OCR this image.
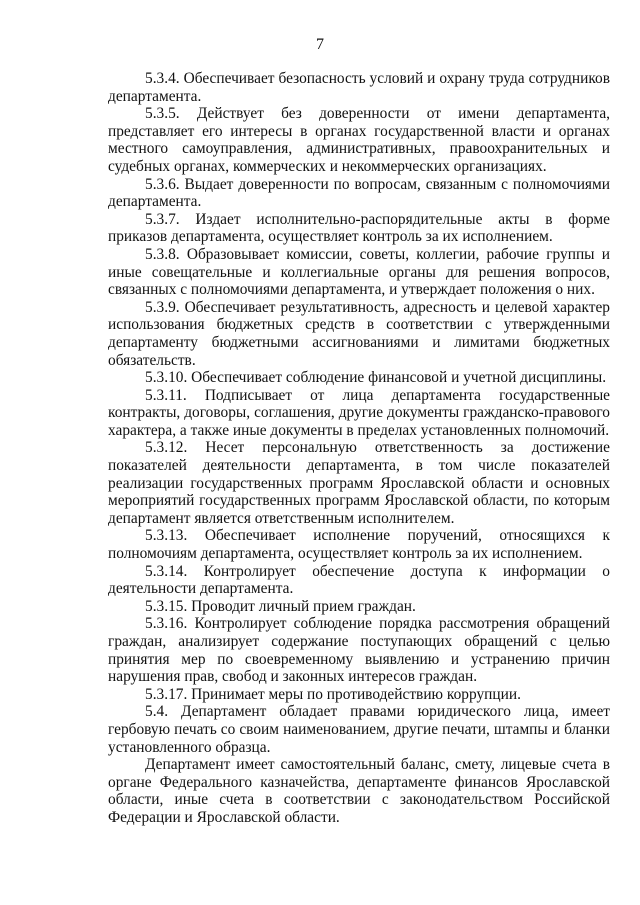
7

5.3.4. Обеспечивает безопасность условий и охрану труда сотрудников департамента.

5.3.5. Действует без доверенности от имени департамента, представляет его интересы в органах государственной власти и органах местного самоуправления, административных, правоохранительных и судебных органах, коммерческих и некоммерческих организациях.

5.3.6. Выдает доверенности по вопросам, связанным с полномочиями департамента.

5.3.7. Издает исполнительно-распорядительные акты в форме приказов департамента, осуществляет контроль за их исполнением.

5.3.8. Образовывает комиссии, советы, коллегии, рабочие группы и иные совещательные и коллегиальные органы для решения вопросов, связанных с полномочиями департамента, и утверждает положения о них.

5.3.9. Обеспечивает результативность, адресность и целевой характер использования бюджетных средств в соответствии с утвержденными департаменту бюджетными ассигнованиями и лимитами бюджетных обязательств.

5.3.10. Обеспечивает соблюдение финансовой и учетной дисциплины.

5.3.11. Подписывает от лица департамента государственные контракты, договоры, соглашения, другие документы гражданско-правового характера, а также иные документы в пределах установленных полномочий.

5.3.12. Несет персональную ответственность за достижение показателей деятельности департамента, в том числе показателей реализации государственных программ Ярославской области и основных мероприятий государственных программ Ярославской области, по которым департамент является ответственным исполнителем.

5.3.13. Обеспечивает исполнение поручений, относящихся к полномочиям департамента, осуществляет контроль за их исполнением.

5.3.14. Контролирует обеспечение доступа к информации о деятельности департамента.

5.3.15. Проводит личный прием граждан.

5.3.16. Контролирует соблюдение порядка рассмотрения обращений граждан, анализирует содержание поступающих обращений с целью принятия мер по своевременному выявлению и устранению причин нарушения прав, свобод и законных интересов граждан.

5.3.17. Принимает меры по противодействию коррупции.

5.4. Департамент обладает правами юридического лица, имеет гербовую печать со своим наименованием, другие печати, штампы и бланки установленного образца.

Департамент имеет самостоятельный баланс, смету, лицевые счета в органе Федерального казначейства, департаменте финансов Ярославской области, иные счета в соответствии с законодательством Российской Федерации и Ярославской области.
